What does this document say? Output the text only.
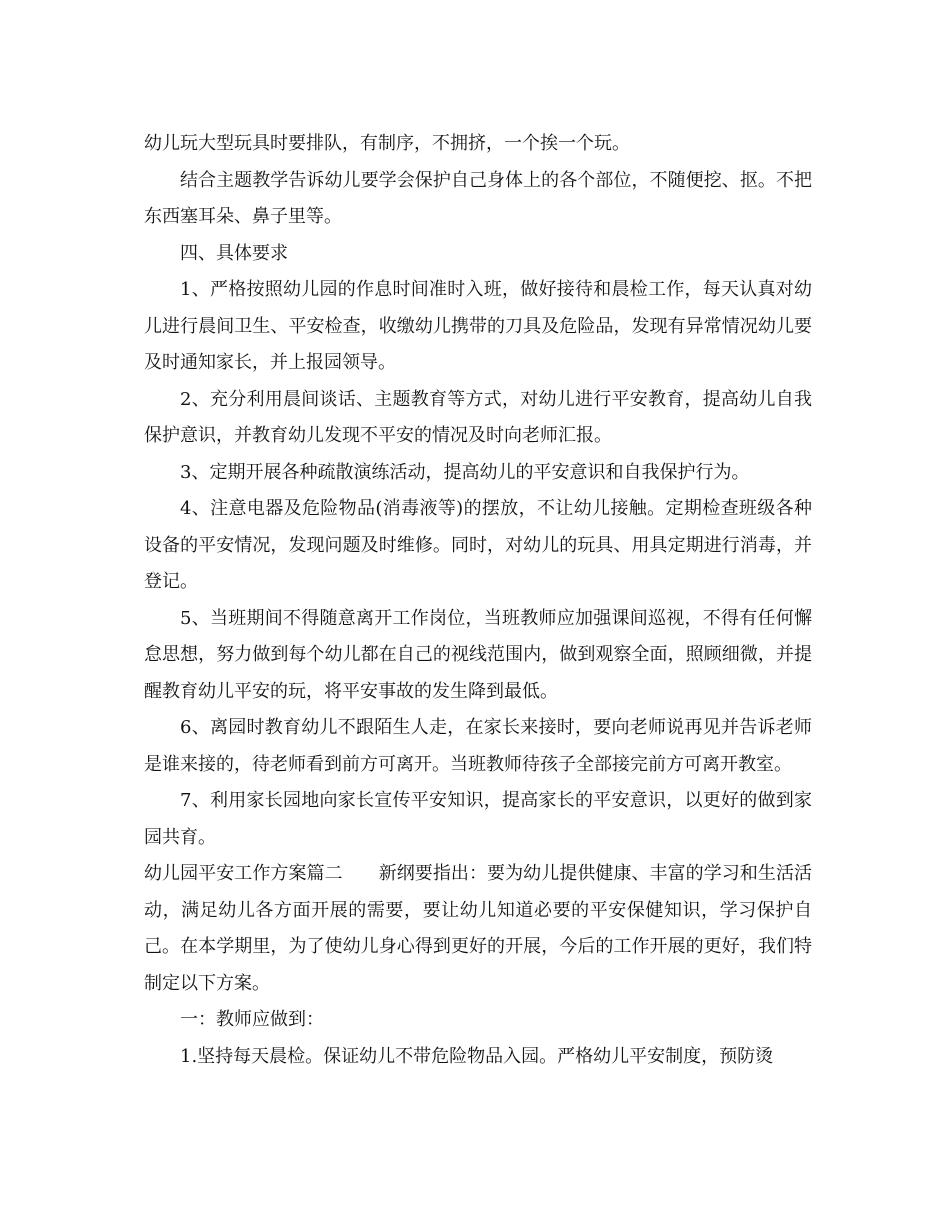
幼儿玩大型玩具时要排队，有制序，不拥挤，一个挨一个玩。

结合主题教学告诉幼儿要学会保护自己身体上的各个部位，不随便挖、抠。不把东西塞耳朵、鼻子里等。

四、具体要求

1、严格按照幼儿园的作息时间准时入班，做好接待和晨检工作，每天认真对幼儿进行晨间卫生、平安检查，收缴幼儿携带的刀具及危险品，发现有异常情况幼儿要及时通知家长，并上报园领导。

2、充分利用晨间谈话、主题教育等方式，对幼儿进行平安教育，提高幼儿自我保护意识，并教育幼儿发现不平安的情况及时向老师汇报。

3、定期开展各种疏散演练活动，提高幼儿的平安意识和自我保护行为。

4、注意电器及危险物品(消毒液等)的摆放，不让幼儿接触。定期检查班级各种设备的平安情况，发现问题及时维修。同时，对幼儿的玩具、用具定期进行消毒，并登记。

5、当班期间不得随意离开工作岗位，当班教师应加强课间巡视，不得有任何懈怠思想，努力做到每个幼儿都在自己的视线范围内，做到观察全面，照顾细微，并提醒教育幼儿平安的玩，将平安事故的发生降到最低。

6、离园时教育幼儿不跟陌生人走，在家长来接时，要向老师说再见并告诉老师是谁来接的，待老师看到前方可离开。当班教师待孩子全部接完前方可离开教室。

7、利用家长园地向家长宣传平安知识，提高家长的平安意识，以更好的做到家园共育。

幼儿园平安工作方案篇二 新纲要指出：要为幼儿提供健康、丰富的学习和生活活动，满足幼儿各方面开展的需要，要让幼儿知道必要的平安保健知识，学习保护自己。在本学期里，为了使幼儿身心得到更好的开展，今后的工作开展的更好，我们特制定以下方案。

一：教师应做到：

1.坚持每天晨检。保证幼儿不带危险物品入园。严格幼儿平安制度，预防烫
